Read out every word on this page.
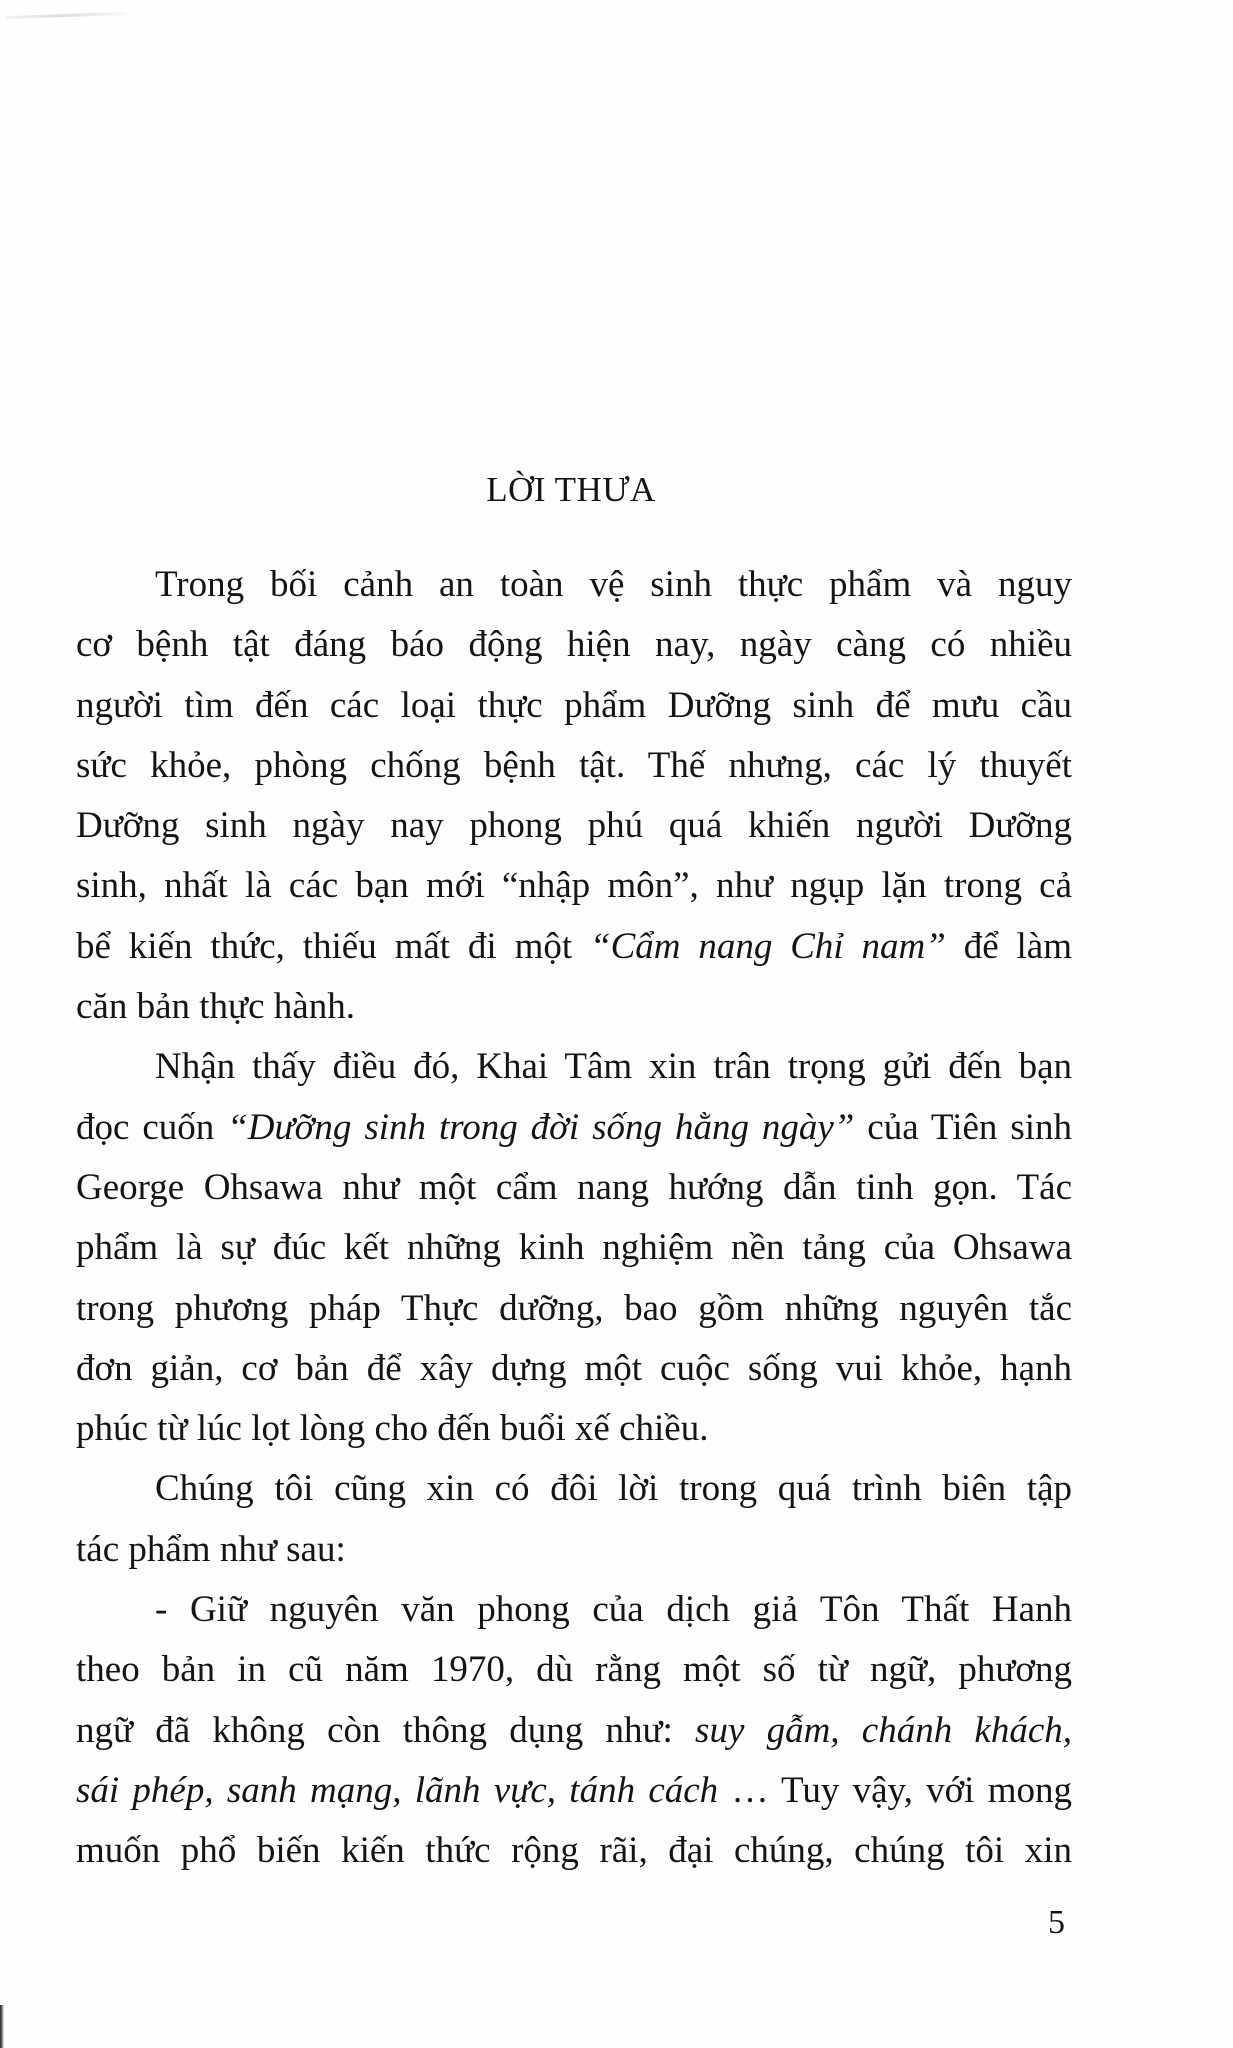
LỜI THƯA
Trong bối cảnh an toàn vệ sinh thực phẩm và nguy
cơ bệnh tật đáng báo động hiện nay, ngày càng có nhiều
người tìm đến các loại thực phẩm Dưỡng sinh để mưu cầu
sức khỏe, phòng chống bệnh tật. Thế nhưng, các lý thuyết
Dưỡng sinh ngày nay phong phú quá khiến người Dưỡng
sinh, nhất là các bạn mới “nhập môn”, như ngụp lặn trong cả
bể kiến thức, thiếu mất đi một “Cẩm nang Chỉ nam” để làm
căn bản thực hành.
Nhận thấy điều đó, Khai Tâm xin trân trọng gửi đến bạn
đọc cuốn “Dưỡng sinh trong đời sống hằng ngày” của Tiên sinh
George Ohsawa như một cẩm nang hướng dẫn tinh gọn. Tác
phẩm là sự đúc kết những kinh nghiệm nền tảng của Ohsawa
trong phương pháp Thực dưỡng, bao gồm những nguyên tắc
đơn giản, cơ bản để xây dựng một cuộc sống vui khỏe, hạnh
phúc từ lúc lọt lòng cho đến buổi xế chiều.
Chúng tôi cũng xin có đôi lời trong quá trình biên tập
tác phẩm như sau:
- Giữ nguyên văn phong của dịch giả Tôn Thất Hanh
theo bản in cũ năm 1970, dù rằng một số từ ngữ, phương
ngữ đã không còn thông dụng như: suy gẫm, chánh khách,
sái phép, sanh mạng, lãnh vực, tánh cách … Tuy vậy, với mong
muốn phổ biến kiến thức rộng rãi, đại chúng, chúng tôi xin
5
